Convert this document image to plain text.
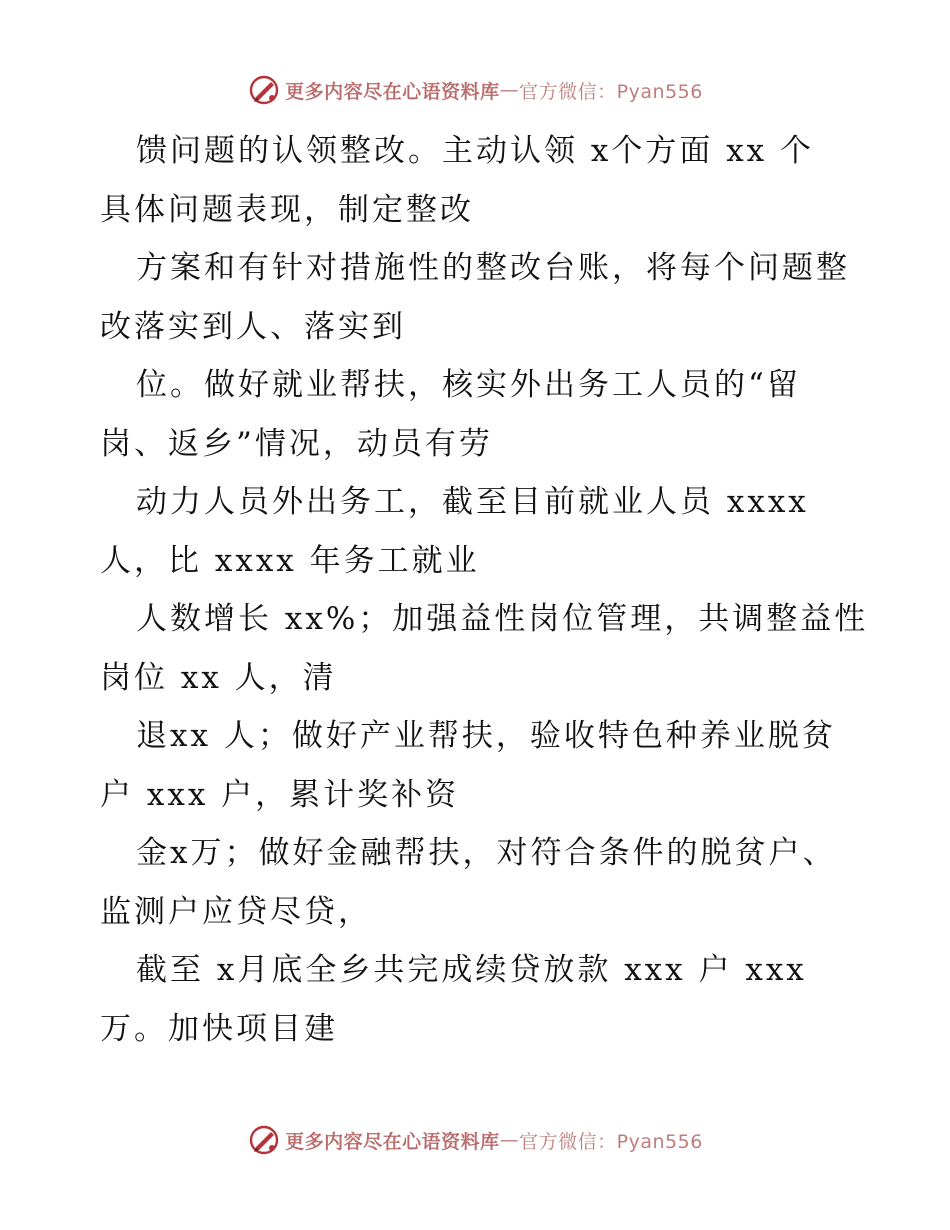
更多内容尽在心语资料库 — 官方微信：Pyan556
馈问题的认领整改。主动认领 x个方面 xx 个
具体问题表现，制定整改
方案和有针对措施性的整改台账，将每个问题整
改落实到人、落实到
位。做好就业帮扶，核实外出务工人员的“留
岗、返乡”情况，动员有劳
动力人员外出务工，截至目前就业人员 xxxx
人，比 xxxx 年务工就业
人数增长 xx%；加强益性岗位管理，共调整益性
岗位 xx 人，清
退xx 人；做好产业帮扶，验收特色种养业脱贫
户 xxx 户，累计奖补资
金x万；做好金融帮扶，对符合条件的脱贫户、
监测户应贷尽贷，
截至 x月底全乡共完成续贷放款 xxx 户 xxx
万。加快项目建
更多内容尽在心语资料库 — 官方微信：Pyan556
